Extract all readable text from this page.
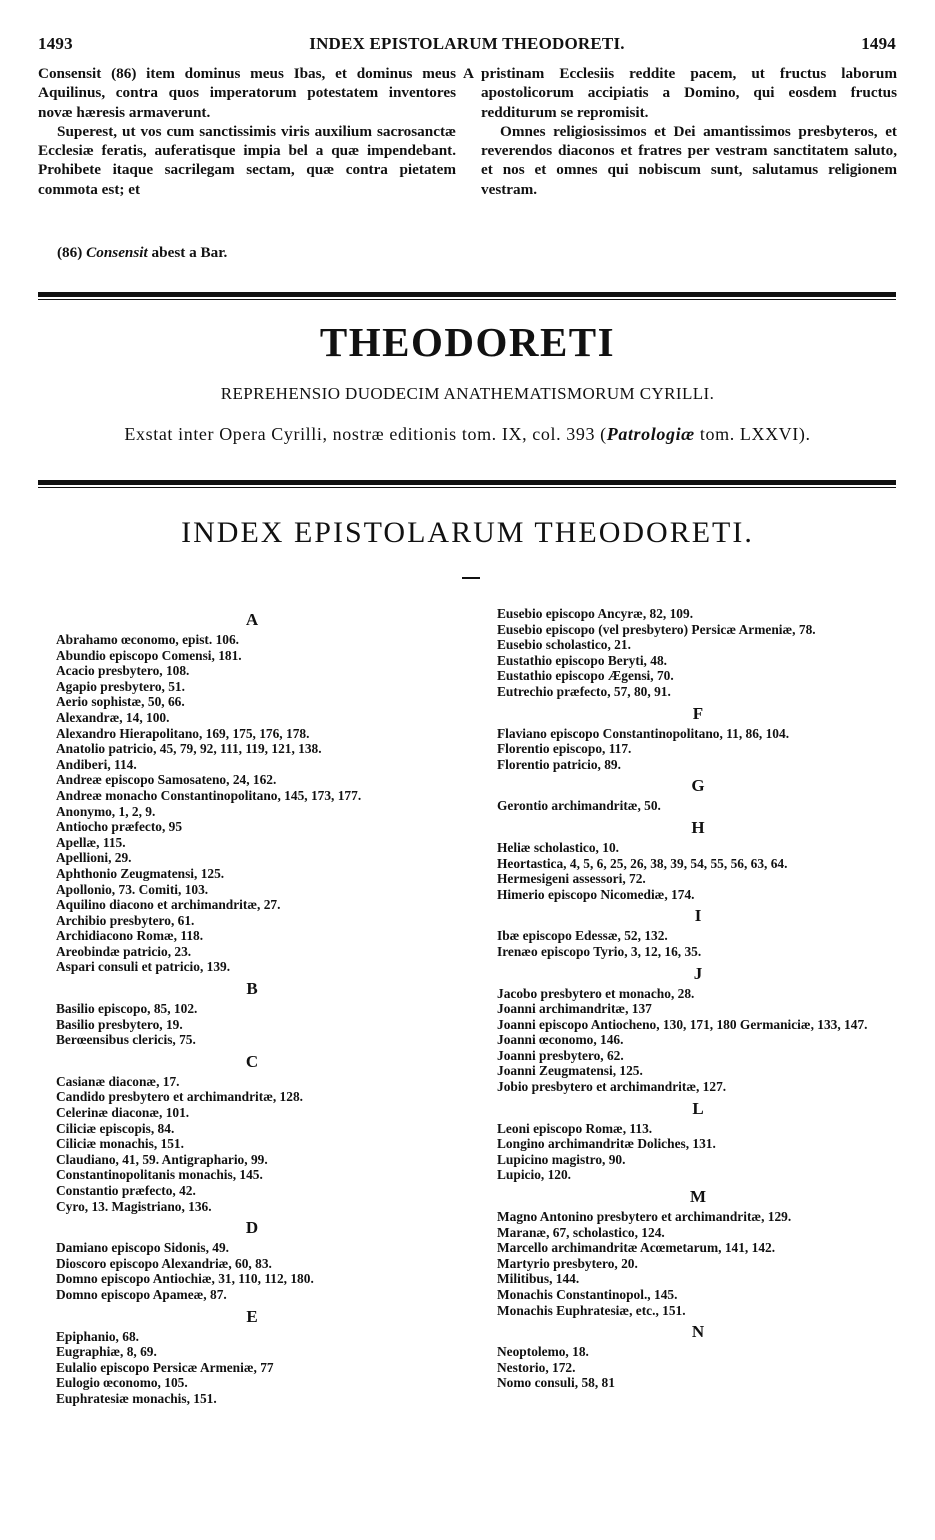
1493	INDEX EPISTOLARUM THEODORETI.	1494

Consensit (86) item dominus meus Ibas, et dominus meus Aquilinus, contra quos imperatorum potestatem inventores novæ hæresis armaverunt.

Superest, ut vos cum sanctissimis viris auxilium sacrosanctæ Ecclesiæ feratis, auferatisque impia bel a quæ impendebant. Prohibete itaque sacrilegam sectam, quæ contra pietatem commota est; et

A pristinam Ecclesiis reddite pacem, ut fructus laborum apostolicorum accipiatis a Domino, qui eosdem fructus redditurum se repromisit.

Omnes religiosissimos et Dei amantissimos presbyteros, et reverendos diaconos et fratres per vestram sanctitatem saluto, et nos et omnes qui nobiscum sunt, salutamus religionem vestram.

(86) Consensit abest a Bar.
THEODORETI
REPREHENSIO DUODECIM ANATHEMATISMORUM CYRILLI.
Exstat inter Opera Cyrilli, nostræ editionis tom. IX, col. 393 (Patrologiæ tom. LXXVI).
INDEX EPISTOLARUM THEODORETI.
A
Abrahamo œconomo, epist. 106.
Abundio episcopo Comensi, 181.
Acacio presbytero, 108.
Agapio presbytero, 51.
Aerio sophistæ, 50, 66.
Alexandræ, 14, 100.
Alexandro Hierapolitano, 169, 175, 176, 178.
Anatolio patricio, 45, 79, 92, 111, 119, 121, 138.
Andiberi, 114.
Andreæ episcopo Samosateno, 24, 162.
Andreæ monacho Constantinopolitano, 145, 173, 177.
Anonymo, 1, 2, 9.
Antiocho præfecto, 95
Apellæ, 115.
Apellioni, 29.
Aphthonio Zeugmatensi, 125.
Apollonio, 73. Comiti, 103.
Aquilino diacono et archimandritæ, 27.
Archibio presbytero, 61.
Archidiacono Romæ, 118.
Areobindæ patricio, 23.
Aspari consuli et patricio, 139.
B
Basilio episcopo, 85, 102.
Basilio presbytero, 19.
Berœensibus clericis, 75.
C
Casianæ diaconæ, 17.
Candido presbytero et archimandritæ, 128.
Celerinæ diaconæ, 101.
Ciliciæ episcopis, 84.
Ciliciæ monachis, 151.
Claudiano, 41, 59. Antigraphario, 99.
Constantinopolitanis monachis, 145.
Constantio præfecto, 42.
Cyro, 13. Magistriano, 136.
D
Damiano episcopo Sidonis, 49.
Dioscoro episcopo Alexandriæ, 60, 83.
Domno episcopo Antiochiæ, 31, 110, 112, 180.
Domno episcopo Apameæ, 87.
E
Epiphanio, 68.
Eugraphiæ, 8, 69.
Eulalio episcopo Persicæ Armeniæ, 77
Eulogio œconomo, 105.
Euphratesiæ monachis, 151.
Eusebio episcopo Ancyræ, 82, 109.
Eusebio episcopo (vel presbytero) Persicæ Armeniæ, 78.
Eusebio scholastico, 21.
Eustathio episcopo Beryti, 48.
Eustathio episcopo Ægensi, 70.
Eutrechio præfecto, 57, 80, 91.
F
Flaviano episcopo Constantinopolitano, 11, 86, 104.
Florentio episcopo, 117.
Florentio patricio, 89.
G
Gerontio archimandritæ, 50.
H
Heliæ scholastico, 10.
Heortastica, 4, 5, 6, 25, 26, 38, 39, 54, 55, 56, 63, 64.
Hermesigeni assessori, 72.
Himerio episcopo Nicomediæ, 174.
I
Ibæ episcopo Edessæ, 52, 132.
Irenæo episcopo Tyrio, 3, 12, 16, 35.
J
Jacobo presbytero et monacho, 28.
Joanni archimandritæ, 137
Joanni episcopo Antiocheno, 130, 171, 180 Germaniciæ, 133, 147.
Joanni œconomo, 146.
Joanni presbytero, 62.
Joanni Zeugmatensi, 125.
Jobio presbytero et archimandritæ, 127.
L
Leoni episcopo Romæ, 113.
Longino archimandritæ Doliches, 131.
Lupicino magistro, 90.
Lupicio, 120.
M
Magno Antonino presbytero et archimandritæ, 129.
Maranæ, 67, scholastico, 124.
Marcello archimandritæ Acœmetarum, 141, 142.
Martyrio presbytero, 20.
Militibus, 144.
Monachis Constantinopol., 145.
Monachis Euphratesiæ, etc., 151.
N
Neoptolemo, 18.
Nestorio, 172.
Nomo consuli, 58, 81
